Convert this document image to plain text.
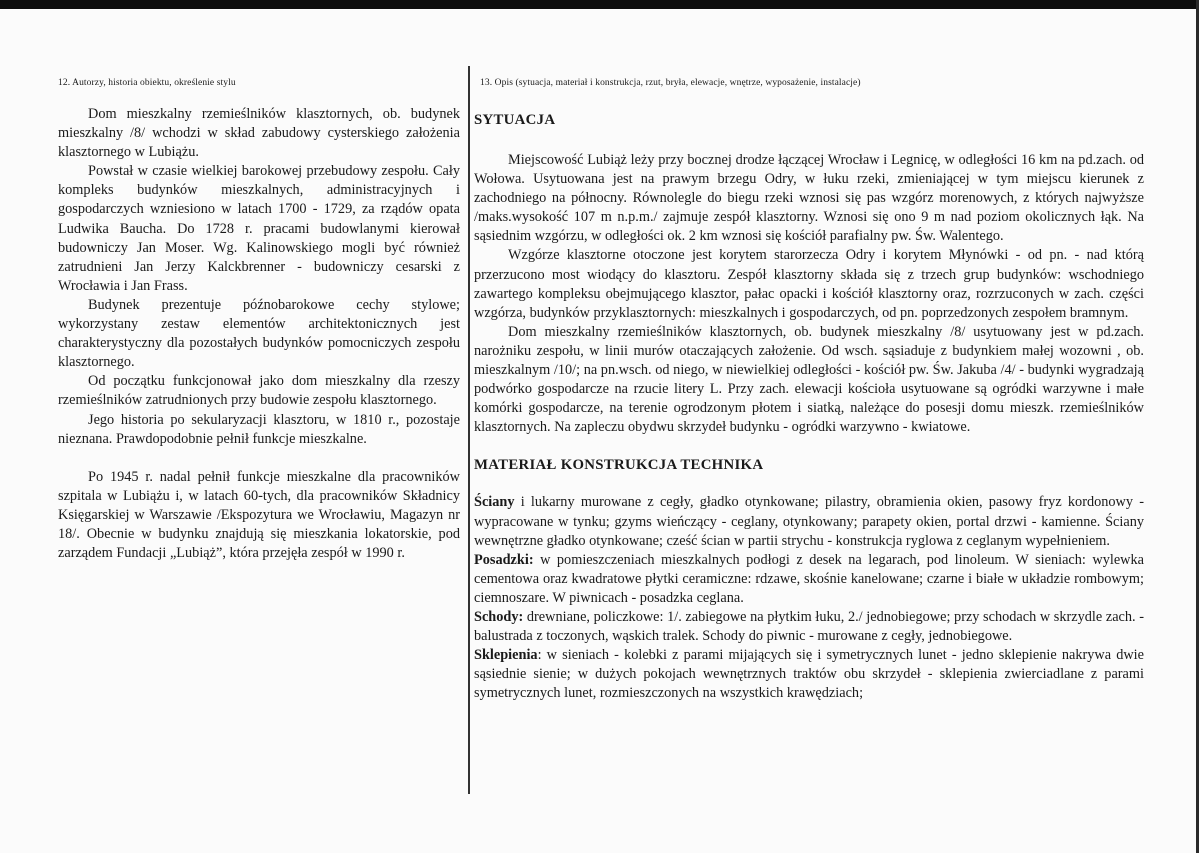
12. Autorzy, historia obiektu, określenie stylu

Dom mieszkalny rzemieślników klasztornych, ob. budynek mieszkalny /8/ wchodzi w skład zabudowy cysterskiego założenia klasztornego w Lubiążu.

Powstał w czasie wielkiej barokowej przebudowy zespołu. Cały kompleks budynków mieszkalnych, administracyjnych i gospodarczych wzniesiono w latach 1700 - 1729, za rządów opata Ludwika Baucha. Do 1728 r. pracami budowlanymi kierował budowniczy Jan Moser. Wg. Kalinowskiego mogli być również zatrudnieni Jan Jerzy Kalckbrenner - budowniczy cesarski z Wrocławia i Jan Frass.

Budynek prezentuje późnobarokowe cechy stylowe; wykorzystany zestaw elementów architektonicznych jest charakterystyczny dla pozostałych budynków pomocniczych zespołu klasztornego.

Od początku funkcjonował jako dom mieszkalny dla rzeszy rzemieślników zatrudnionych przy budowie zespołu klasztornego.

Jego historia po sekularyzacji klasztoru, w 1810 r., pozostaje nieznana. Prawdopodobnie pełnił funkcje mieszkalne.

Po 1945 r. nadal pełnił funkcje mieszkalne dla pracowników szpitala w Lubiążu i, w latach 60-tych, dla pracowników Składnicy Księgarskiej w Warszawie /Ekspozytura we Wrocławiu, Magazyn nr 18/. Obecnie w budynku znajdują się mieszkania lokatorskie, pod zarządem Fundacji „Lubiąż”, która przejęła zespół w 1990 r.

13. Opis (sytuacja, materiał i konstrukcja, rzut, bryła, elewacje, wnętrze, wyposażenie, instalacje)
SYTUACJA

Miejscowość Lubiąż leży przy bocznej drodze łączącej Wrocław i Legnicę, w odległości 16 km na pd.zach. od Wołowa. Usytuowana jest na prawym brzegu Odry, w łuku rzeki, zmieniającej w tym miejscu kierunek z zachodniego na północny. Równolegle do biegu rzeki wznosi się pas wzgórz morenowych, z których najwyższe /maks.wysokość 107 m n.p.m./ zajmuje zespół klasztorny. Wznosi się ono 9 m nad poziom okolicznych łąk. Na sąsiednim wzgórzu, w odległości ok. 2 km wznosi się kościół parafialny pw. Św. Walentego.

Wzgórze klasztorne otoczone jest korytem starorzecza Odry i korytem Młynówki - od pn. - nad którą przerzucono most wiodący do klasztoru. Zespół klasztorny składa się z trzech grup budynków: wschodniego zawartego kompleksu obejmującego klasztor, pałac opacki i kościół klasztorny oraz, rozrzuconych w zach. części wzgórza, budynków przyklasztornych: mieszkalnych i gospodarczych, od pn. poprzedzonych zespołem bramnym.

Dom mieszkalny rzemieślników klasztornych, ob. budynek mieszkalny /8/ usytuowany jest w pd.zach. narożniku zespołu, w linii murów otaczających założenie. Od wsch. sąsiaduje z budynkiem małej wozowni , ob. mieszkalnym /10/; na pn.wsch. od niego, w niewielkiej odległości - kościół pw. Św. Jakuba /4/ - budynki wygradzają podwórko gospodarcze na rzucie litery L. Przy zach. elewacji kościoła usytuowane są ogródki warzywne i małe komórki gospodarcze, na terenie ogrodzonym płotem i siatką, należące do posesji domu mieszk. rzemieślników klasztornych. Na zapleczu obydwu skrzydeł budynku - ogródki warzywno - kwiatowe.

MATERIAŁ KONSTRUKCJA TECHNIKA

Ściany i lukarny murowane z cegły, gładko otynkowane; pilastry, obramienia okien, pasowy fryz kordonowy - wypracowane w tynku; gzyms wieńczący - ceglany, otynkowany; parapety okien, portal drzwi - kamienne. Ściany wewnętrzne gładko otynkowane; cześć ścian w partii strychu - konstrukcja ryglowa z ceglanym wypełnieniem.

Posadzki: w pomieszczeniach mieszkalnych podłogi z desek na legarach, pod linoleum. W sieniach: wylewka cementowa oraz kwadratowe płytki ceramiczne: rdzawe, skośnie kanelowane; czarne i białe w układzie rombowym; ciemnoszare. W piwnicach - posadzka ceglana.

Schody: drewniane, policzkowe: 1/. zabiegowe na płytkim łuku, 2./ jednobiegowe; przy schodach w skrzydle zach. - balustrada z toczonych, wąskich tralek. Schody do piwnic - murowane z cegły, jednobiegowe.

Sklepienia: w sieniach - kolebki z parami mijających się i symetrycznych lunet - jedno sklepienie nakrywa dwie sąsiednie sienie; w dużych pokojach wewnętrznych traktów obu skrzydeł - sklepienia zwierciadlane z parami symetrycznych lunet, rozmieszczonych na wszystkich krawędziach;
